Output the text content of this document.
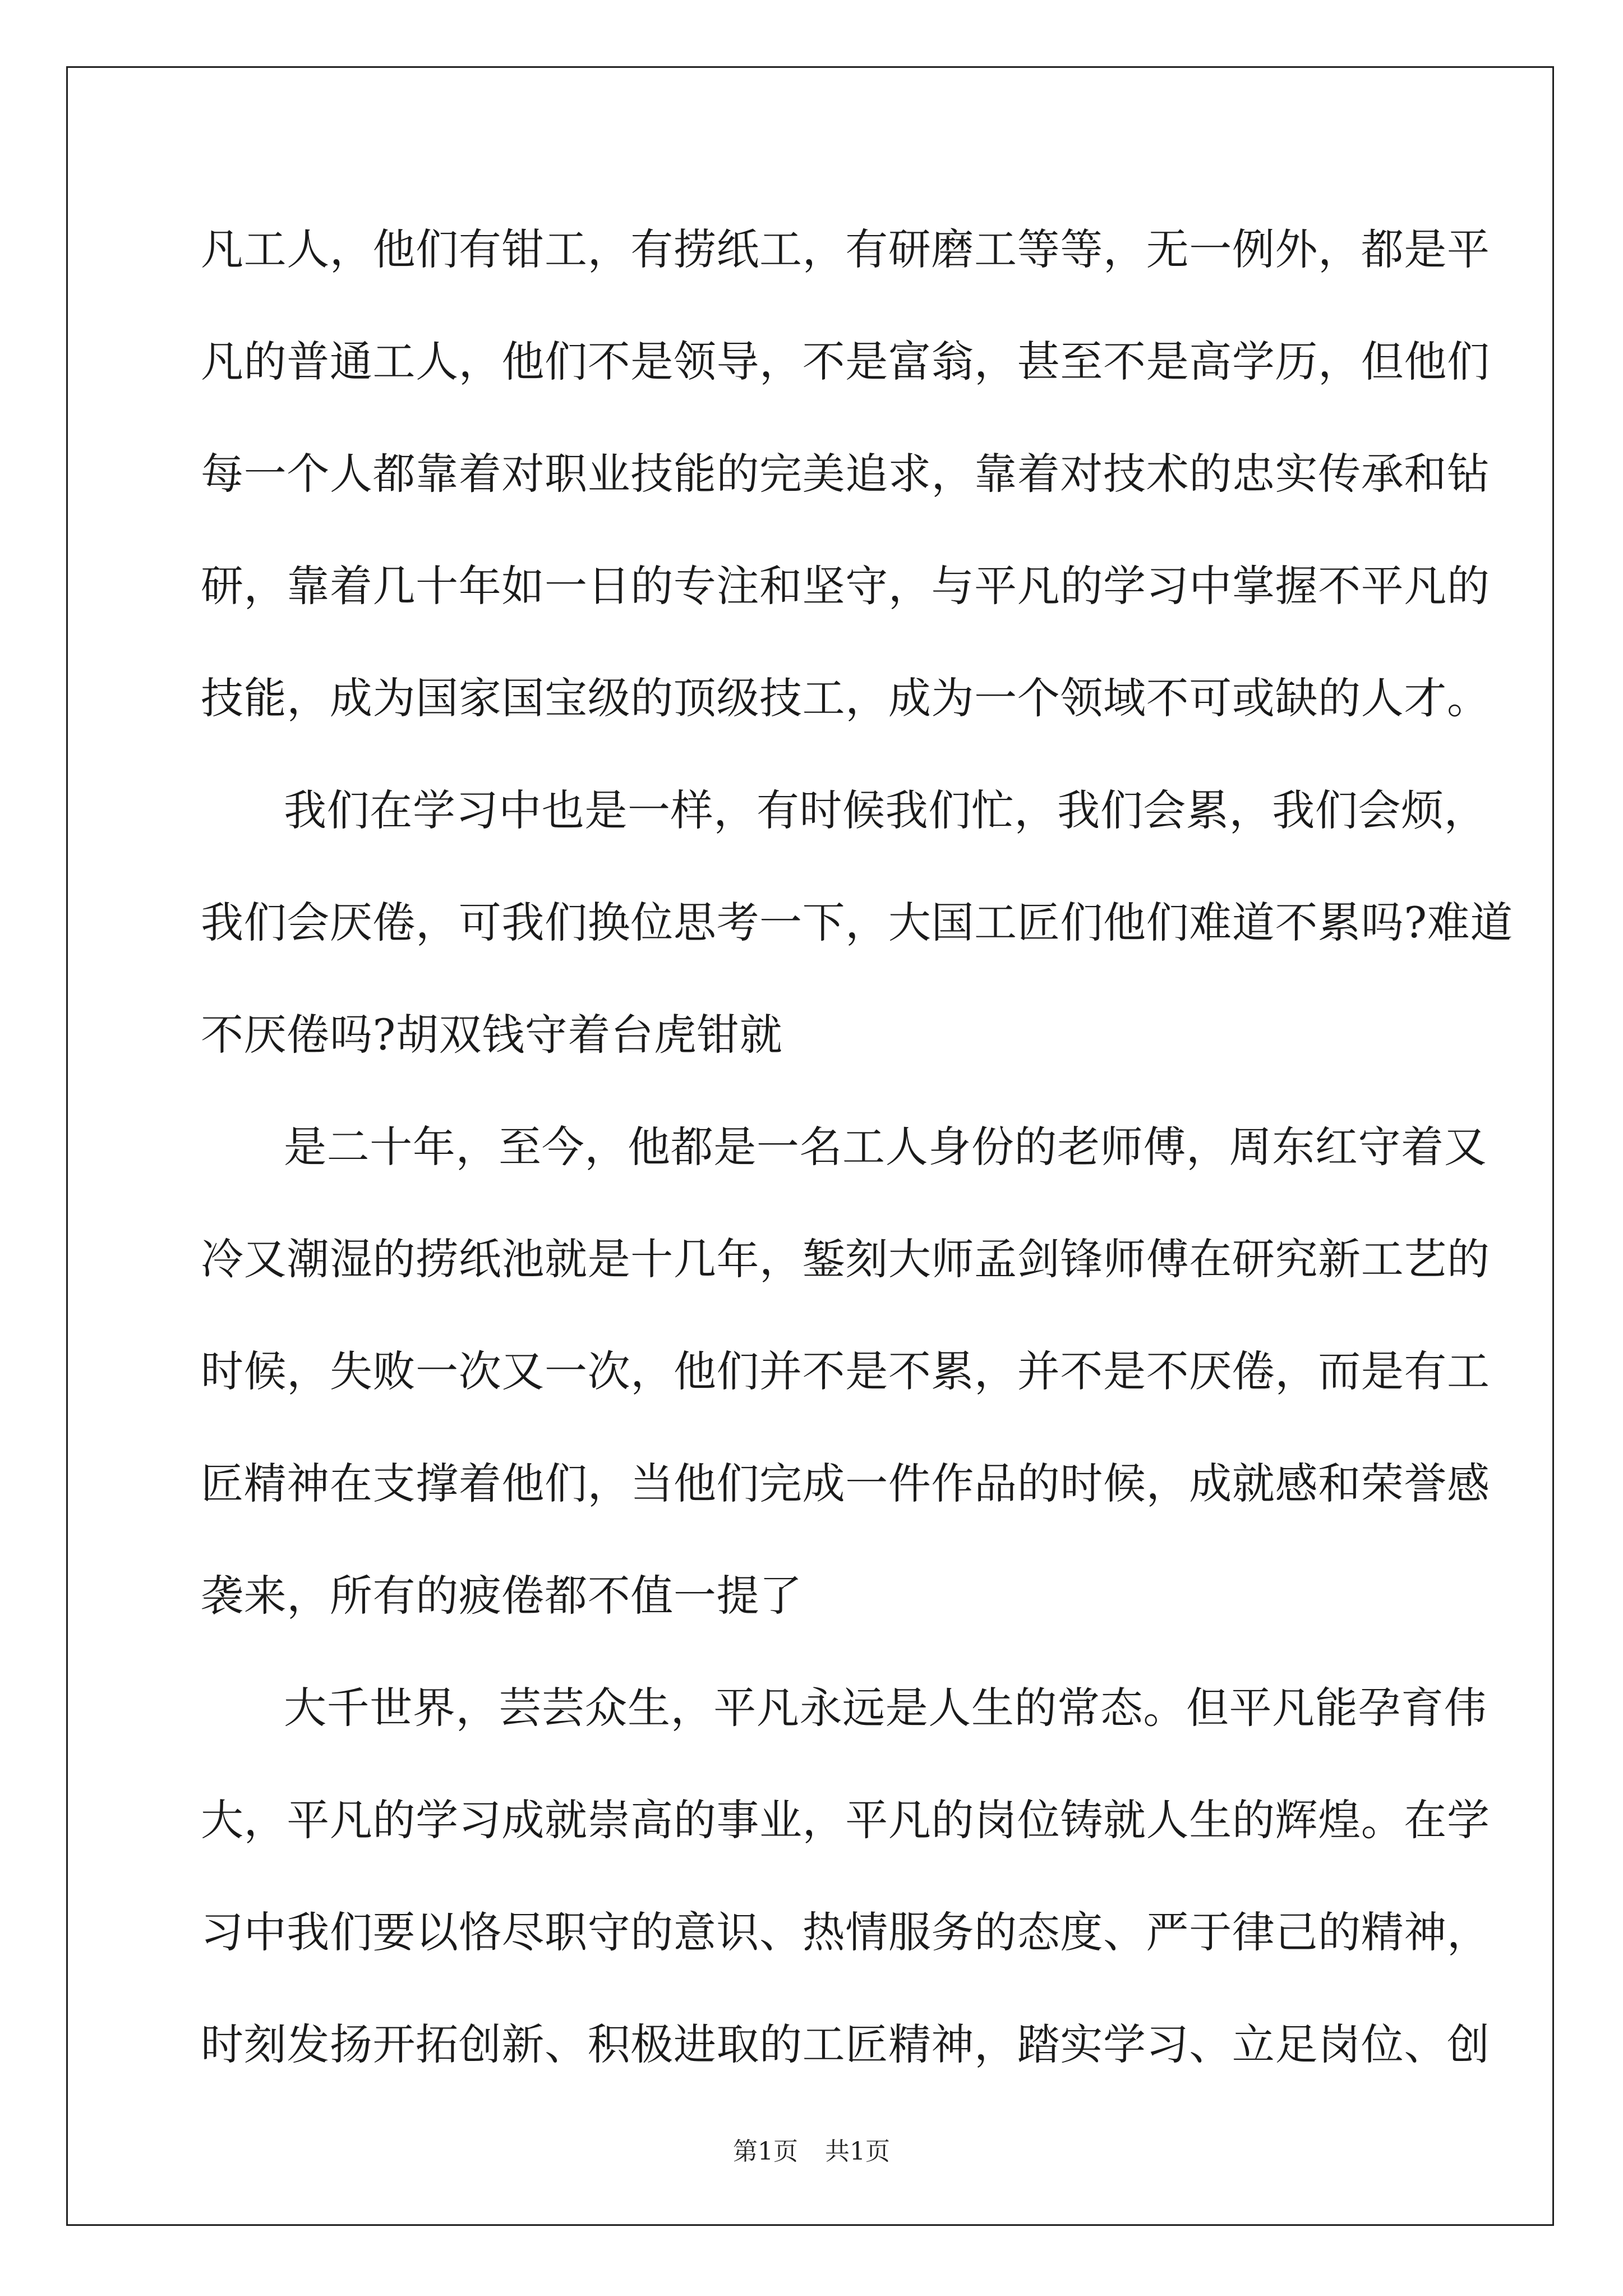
凡工人，他们有钳工，有捞纸工，有研磨工等等，无一例外，都是平
凡的普通工人，他们不是领导，不是富翁，甚至不是高学历，但他们
每一个人都靠着对职业技能的完美追求，靠着对技术的忠实传承和钻
研，靠着几十年如一日的专注和坚守，与平凡的学习中掌握不平凡的
技能，成为国家国宝级的顶级技工，成为一个领域不可或缺的人才。
我们在学习中也是一样，有时候我们忙，我们会累，我们会烦，
我们会厌倦，可我们换位思考一下，大国工匠们他们难道不累吗?难道
不厌倦吗?胡双钱守着台虎钳就
是二十年，至今，他都是一名工人身份的老师傅，周东红守着又
冷又潮湿的捞纸池就是十几年，錾刻大师孟剑锋师傅在研究新工艺的
时候，失败一次又一次，他们并不是不累，并不是不厌倦，而是有工
匠精神在支撑着他们，当他们完成一件作品的时候，成就感和荣誉感
袭来，所有的疲倦都不值一提了
大千世界，芸芸众生，平凡永远是人生的常态。但平凡能孕育伟
大，平凡的学习成就崇高的事业，平凡的岗位铸就人生的辉煌。在学
习中我们要以恪尽职守的意识、热情服务的态度、严于律己的精神，
时刻发扬开拓创新、积极进取的工匠精神，踏实学习、立足岗位、创
第1页 共1页
